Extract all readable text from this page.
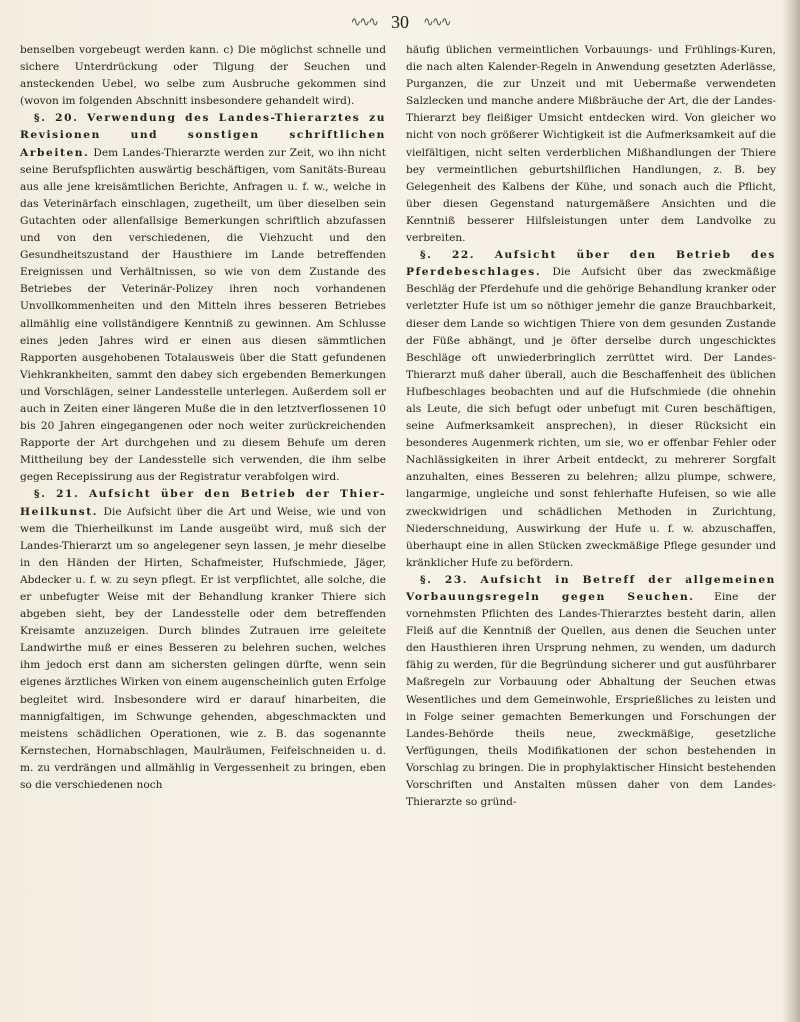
∿∿∿ 30 ∿∿∿

benselben vorgebeugt werden kann. c) Die möglichst schnelle und sichere Unterdrückung oder Tilgung der Seuchen und ansteckenden Uebel, wo selbe zum Ausbruche gekommen sind (wovon im folgenden Abschnitt insbesondere gehandelt wird).

§. 20. Verwendung des Landes-Thierarztes zu Revisionen und sonstigen schriftlichen Arbeiten. Dem Landes-Thierarzte werden zur Zeit, wo ihn nicht seine Berufspflichten auswärtig beschäftigen, vom Sanitäts-Bureau aus alle jene kreisämtlichen Berichte, Anfragen u. f. w., welche in das Veterinärfach einschlagen, zugetheilt, um über dieselben sein Gutachten oder allenfallsige Bemerkungen schriftlich abzufassen und von den verschiedenen, die Viehzucht und den Gesundheitszustand der Hausthiere im Lande betreffenden Ereignissen und Verhältnissen, so wie von dem Zustande des Betriebes der Veterinär-Polizey ihren noch vorhandenen Unvollkommenheiten und den Mitteln ihres besseren Betriebes allmählig eine vollständigere Kenntniß zu gewinnen. Am Schlusse eines jeden Jahres wird er einen aus diesen sämmtlichen Rapporten ausgehobenen Totalausweis über die Statt gefundenen Viehkrankheiten, sammt den dabey sich ergebenden Bemerkungen und Vorschlägen, seiner Landesstelle unterlegen. Außerdem soll er auch in Zeiten einer längeren Muße die in den letztverflossenen 10 bis 20 Jahren eingegangenen oder noch weiter zurückreichenden Rapporte der Art durchgehen und zu diesem Behufe um deren Mittheilung bey der Landesstelle sich verwenden, die ihm selbe gegen Recepissirung aus der Registratur verabfolgen wird.

§. 21. Aufsicht über den Betrieb der Thier-Heilkunst. Die Aufsicht über die Art und Weise, wie und von wem die Thierheilkunst im Lande ausgeübt wird, muß sich der Landes-Thierarzt um so angelegener seyn lassen, je mehr dieselbe in den Händen der Hirten, Schafmeister, Hufschmiede, Jäger, Abdecker u. f. w. zu seyn pflegt. Er ist verpflichtet, alle solche, die er unbefugter Weise mit der Behandlung kranker Thiere sich abgeben sieht, bey der Landesstelle oder dem betreffenden Kreisamte anzuzeigen. Durch blindes Zutrauen irre geleitete Landwirthe muß er eines Besseren zu belehren suchen, welches ihm jedoch erst dann am sichersten gelingen dürfte, wenn sein eigenes ärztliches Wirken von einem augenscheinlich guten Erfolge begleitet wird. Insbesondere wird er darauf hinarbeiten, die mannigfaltigen, im Schwunge gehenden, abgeschmackten und meistens schädlichen Operationen, wie z. B. das sogenannte Kernstechen, Hornabschlagen, Maulräumen, Feifelschneiden u. d. m. zu verdrängen und allmählig in Vergessenheit zu bringen, eben so die verschiedenen noch

häufig üblichen vermeintlichen Vorbauungs- und Frühlings-Kuren, die nach alten Kalender-Regeln in Anwendung gesetzten Aderlässe, Purganzen, die zur Unzeit und mit Uebermaße verwendeten Salzlecken und manche andere Mißbräuche der Art, die der Landes-Thierarzt bey fleißiger Umsicht entdecken wird. Von gleicher wo nicht von noch größerer Wichtigkeit ist die Aufmerksamkeit auf die vielfältigen, nicht selten verderblichen Mißhandlungen der Thiere bey vermeintlichen geburtshilflichen Handlungen, z. B. bey Gelegenheit des Kalbens der Kühe, und sonach auch die Pflicht, über diesen Gegenstand naturgemäßere Ansichten und die Kenntniß besserer Hilfsleistungen unter dem Landvolke zu verbreiten.

§. 22. Aufsicht über den Betrieb des Pferdebeschlages. Die Aufsicht über das zweckmäßige Beschläg der Pferdehufe und die gehörige Behandlung kranker oder verletzter Hufe ist um so nöthiger jemehr die ganze Brauchbarkeit, dieser dem Lande so wichtigen Thiere von dem gesunden Zustande der Füße abhängt, und je öfter derselbe durch ungeschicktes Beschläge oft unwiederbringlich zerrüttet wird. Der Landes-Thierarzt muß daher überall, auch die Beschaffenheit des üblichen Hufbeschlages beobachten und auf die Hufschmiede (die ohnehin als Leute, die sich befugt oder unbefugt mit Curen beschäftigen, seine Aufmerksamkeit ansprechen), in dieser Rücksicht ein besonderes Augenmerk richten, um sie, wo er offenbar Fehler oder Nachlässigkeiten in ihrer Arbeit entdeckt, zu mehrerer Sorgfalt anzuhalten, eines Besseren zu belehren; allzu plumpe, schwere, langarmige, ungleiche und sonst fehlerhafte Hufeisen, so wie alle zweckwidrigen und schädlichen Methoden in Zurichtung, Niederschneidung, Auswirkung der Hufe u. f. w. abzuschaffen, überhaupt eine in allen Stücken zweckmäßige Pflege gesunder und kränklicher Hufe zu befördern.

§. 23. Aufsicht in Betreff der allgemeinen Vorbauungsregeln gegen Seuchen. Eine der vornehmsten Pflichten des Landes-Thierarztes besteht darin, allen Fleiß auf die Kenntniß der Quellen, aus denen die Seuchen unter den Hausthieren ihren Ursprung nehmen, zu wenden, um dadurch fähig zu werden, für die Begründung sicherer und gut ausführbarer Maßregeln zur Vorbauung oder Abhaltung der Seuchen etwas Wesentliches und dem Gemeinwohle, Ersprießliches zu leisten und in Folge seiner gemachten Bemerkungen und Forschungen der Landes-Behörde theils neue, zweckmäßige, gesetzliche Verfügungen, theils Modifikationen der schon bestehenden in Vorschlag zu bringen. Die in prophylaktischer Hinsicht bestehenden Vorschriften und Anstalten müssen daher von dem Landes-Thierarzte so gründ-
